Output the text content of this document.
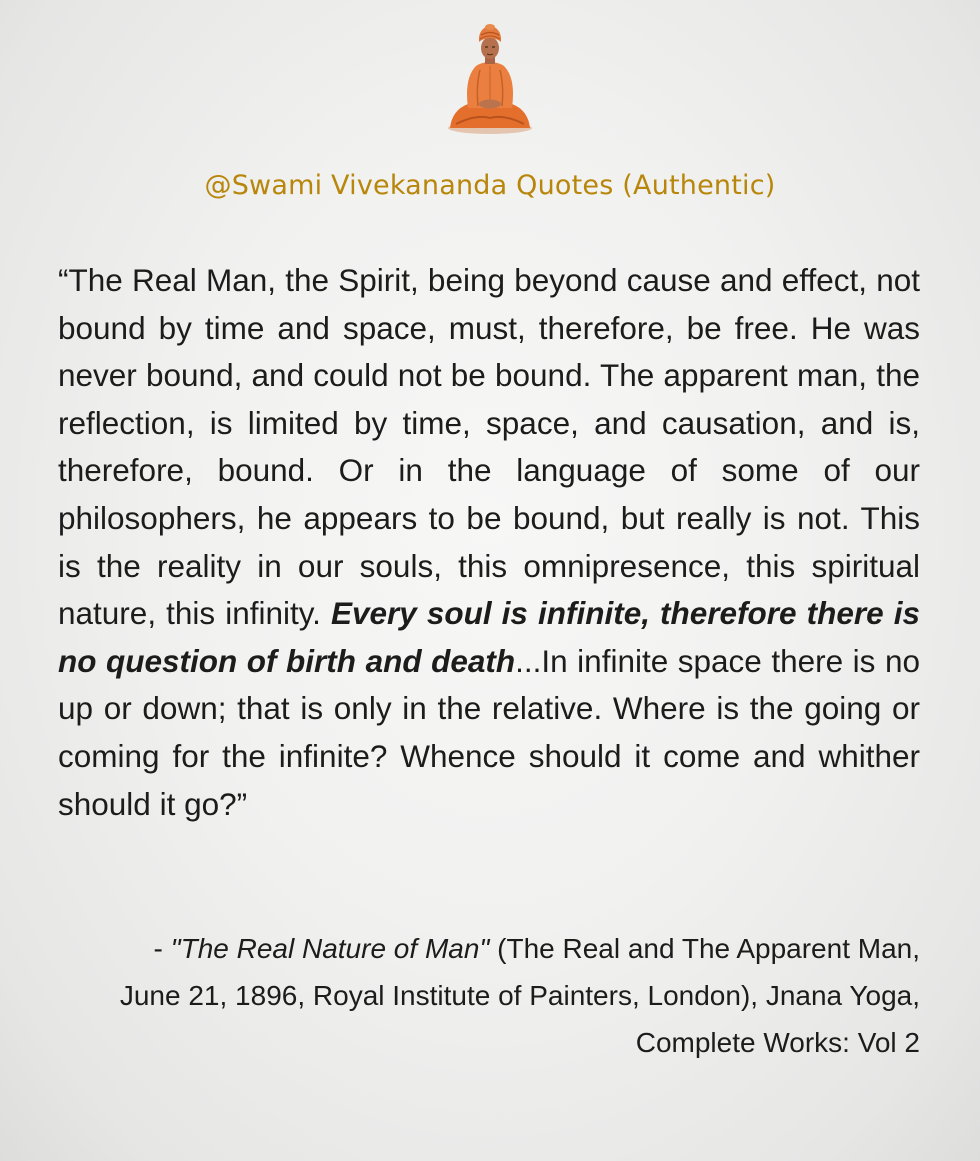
@Swami Vivekananda Quotes (Authentic)
“The Real Man, the Spirit, being beyond cause and effect, not bound by time and space, must, therefore, be free. He was never bound, and could not be bound. The apparent man, the reflection, is limited by time, space, and causation, and is, therefore, bound. Or in the language of some of our philosophers, he appears to be bound, but really is not. This is the reality in our souls, this omnipresence, this spiritual nature, this infinity. Every soul is infinite, therefore there is no question of birth and death...In infinite space there is no up or down; that is only in the relative. Where is the going or coming for the infinite? Whence should it come and whither should it go?”
- "The Real Nature of Man" (The Real and The Apparent Man, June 21, 1896, Royal Institute of Painters, London), Jnana Yoga, Complete Works: Vol 2
